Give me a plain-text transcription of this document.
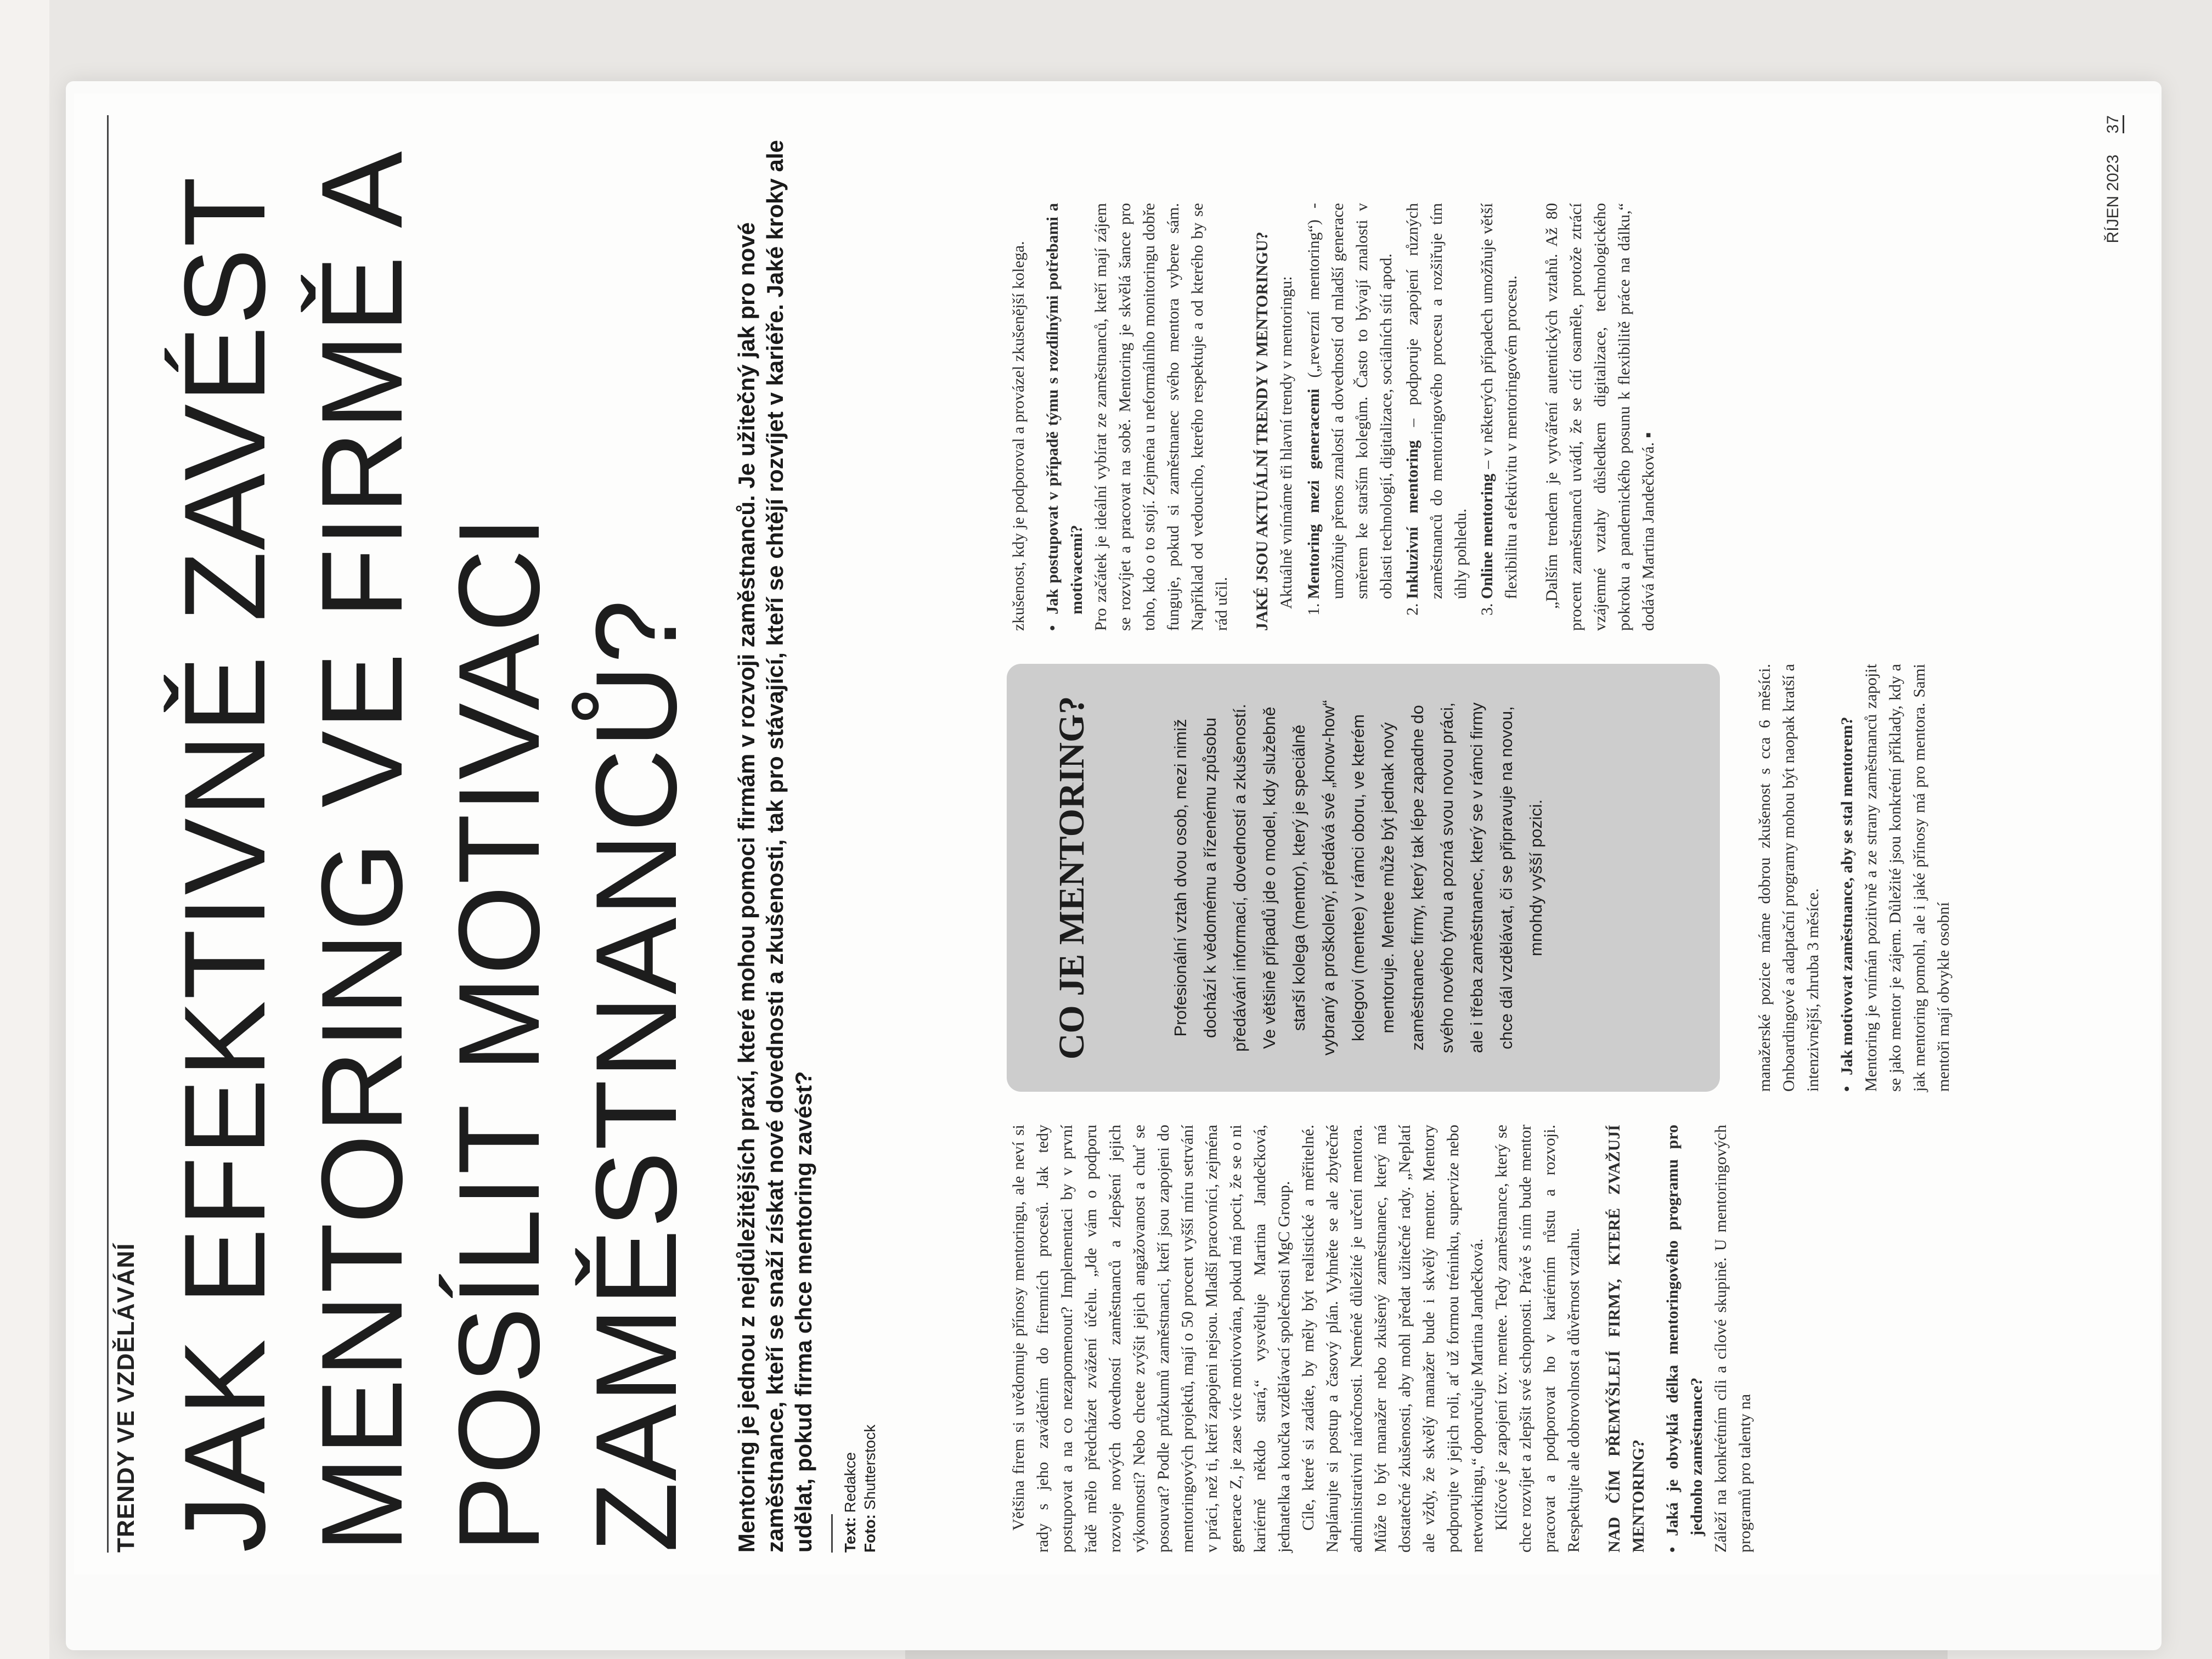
TRENDY VE VZDĚLÁVÁNÍ JAK EFEKTIVNĚ ZAVÉST MENTORING VE FIRMĚ A POSÍLIT MOTIVACI ZAMĚSTNANCŮ? Mentoring je jednou z nejdůležitějších praxí, které mohou pomoci firmám v rozvoji zaměstnanců. Je užitečný jak pro nové zaměstnance, kteří se snaží získat nové dovednosti a zkušenosti, tak pro stávající, kteří se chtějí rozvíjet v kariéře. Jaké kroky ale udělat, pokud firma chce mentoring zavést? Text: Redakce
Foto: Shutterstock	Většina firem si uvědomuje přínosy mentoringu, ale neví si rady s jeho zaváděním do firemních procesů. Jak tedy postupovat a na co nezapomenout? Implementaci by v první řadě mělo předcházet zvážení účelu. „Jde vám o podporu rozvoje nových dovedností zaměstnanců a zlepšení jejich výkonnosti? Nebo chcete zvýšit jejich angažovanost a chuť se posouvat? Podle průzkumů zaměstnanci, kteří jsou zapojeni do mentoringových projektů, mají o 50 procent vyšší míru setrvání v práci, než ti, kteří zapojeni nejsou. Mladší pracovníci, zejména generace Z, je zase více motivována, pokud má pocit, že se o ni kariérně někdo stará,“ vysvětluje Martina Jandečková, jednatelka a koučka vzdělávací společnosti MgC Group. Cíle, které si zadáte, by měly být realistické a měřitelné. Naplánujte si postup a časový plán. Vyhněte se ale zbytečné administrativní náročnosti. Neméně důležité je určení mentora. Může to být manažer nebo zkušený zaměstnanec, který má dostatečné zkušenosti, aby mohl předat užitečné rady. „Neplatí ale vždy, že skvělý manažer bude i skvělý mentor. Mentory podporujte v jejich roli, ať už formou tréninku, supervize nebo networkingu,“ doporučuje Martina Jandečková. Klíčové je zapojení tzv. mentee. Tedy zaměstnance, který se chce rozvíjet a zlepšit své schopnosti. Právě s ním bude mentor pracovat a podporovat ho v kariérním růstu a rozvoji. Respektujte ale dobrovolnost a důvěrnost vztahu. NAD ČÍM PŘEMÝŠLEJÍ FIRMY, KTERÉ ZVAŽUJÍ MENTORING? • Jaká je obvyklá délka mentoringového programu pro jednoho zaměstnance? Záleží na konkrétním cíli a cílové skupině. U mentoringových programů pro talenty na

CO JE MENTORING?	Profesionální vztah dvou osob, mezi nimiž dochází k vědomému a řízenému způsobu předávání informací, dovedností a zkušeností. Ve většině případů jde o model, kdy služebně starší kolega (mentor), který je speciálně vybraný a proškolený, předává své „know-how“ kolegovi (mentee) v rámci oboru, ve kterém mentoruje. Mentee může být jednak nový zaměstnanec firmy, který tak lépe zapadne do svého nového týmu a pozná svou novou práci, ale i třeba zaměstnanec, který se v rámci firmy chce dál vzdělávat, či se připravuje na novou, mnohdy vyšší pozici.	manažerské pozice máme dobrou zkušenost s cca 6 měsíci. Onboardingové a adaptační programy mohou být naopak kratší a intenzivnější, zhruba 3 měsíce. • Jak motivovat zaměstnance, aby se stal mentorem? Mentoring je vnímán pozitivně a ze strany zaměstnanců zapojit se jako mentor je zájem. Důležité jsou konkrétní příklady, kdy a jak mentoring pomohl, ale i jaké přínosy má pro mentora. Sami mentoři mají obvykle osobní

zkušenost, kdy je podporoval a provázel zkušenější kolega. • Jak postupovat v případě týmu s rozdílnými potřebami a motivacemi? Pro začátek je ideální vybírat ze zaměstnanců, kteří mají zájem se rozvíjet a pracovat na sobě. Mentoring je skvělá šance pro toho, kdo o to stojí. Zejména u neformálního monitoringu dobře funguje, pokud si zaměstnanec svého mentora vybere sám. Například od vedoucího, kterého respektuje a od kterého by se rád učil. JAKÉ JSOU AKTUÁLNÍ TRENDY V MENTORINGU? Aktuálně vnímáme tři hlavní trendy v mentoringu: 1. Mentoring mezi generacemi („reverzní mentoring“) - umožňuje přenos znalostí a dovedností od mladší generace směrem ke starším kolegům. Často to bývají znalosti v oblasti technologií, digitalizace, sociálních sítí apod. 2. Inkluzivní mentoring – podporuje zapojení různých zaměstnanců do mentoringového procesu a rozšiřuje tím úhly pohledu. 3. Online mentoring – v některých případech umožňuje větší flexibilitu a efektivitu v mentoringovém procesu. „Dalším trendem je vytváření autentických vztahů. Až 80 procent zaměstnanců uvádí, že se cítí osaměle, protože ztrácí vzájemné vztahy důsledkem digitalizace, technologického pokroku a pandemického posunu k flexibilitě práce na dálku,“ dodává Martina Jandečková. ▪

ŘÍJEN 2023 37
